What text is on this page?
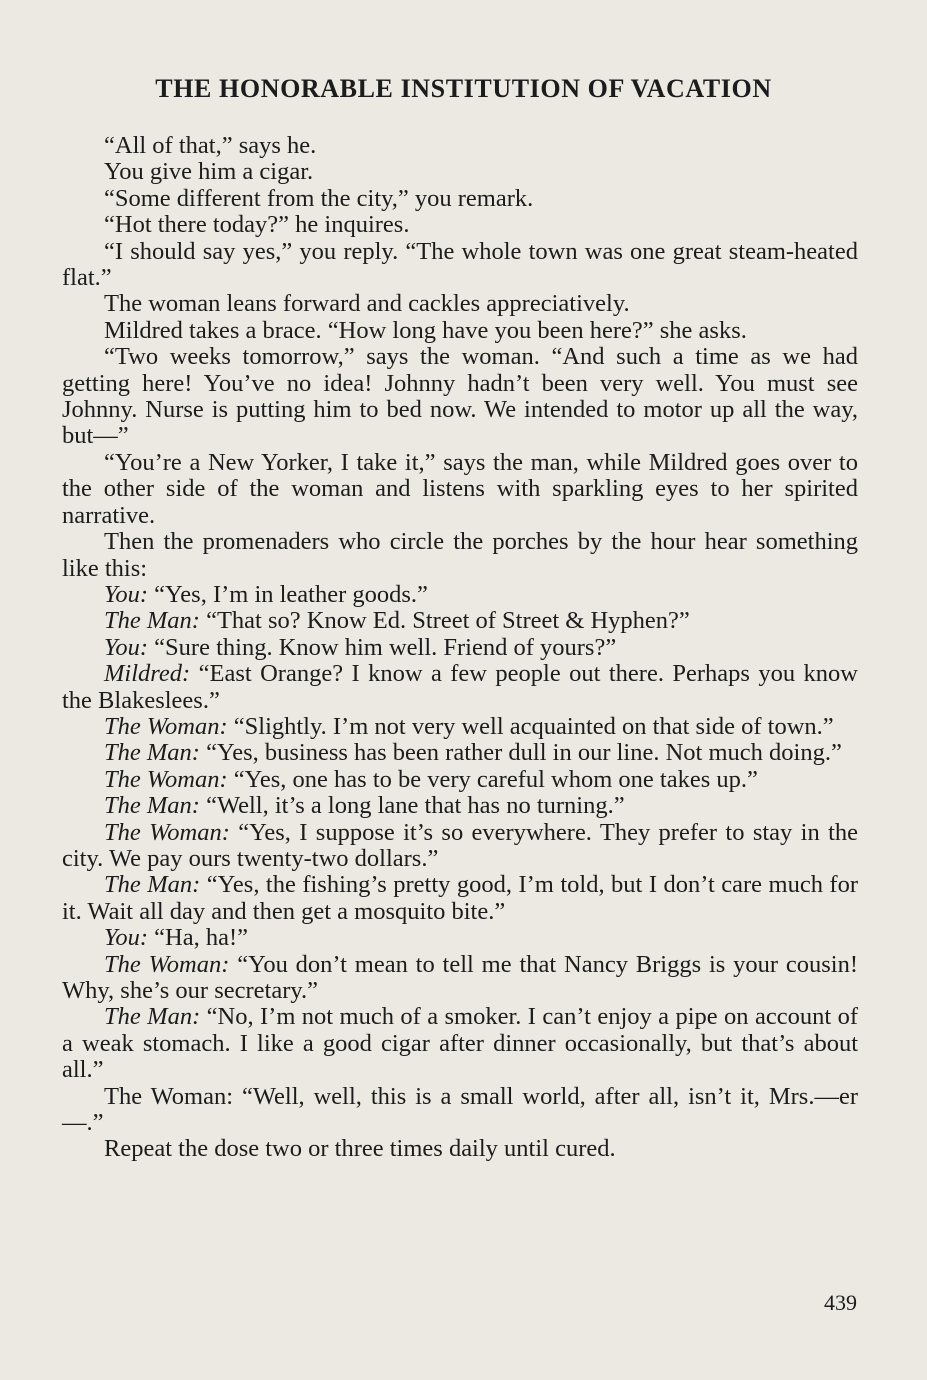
THE HONORABLE INSTITUTION OF VACATION

“All of that,” says he.

You give him a cigar.

“Some different from the city,” you remark.

“Hot there today?” he inquires.

“I should say yes,” you reply. “The whole town was one great steam-heated flat.”

The woman leans forward and cackles appreciatively.

Mildred takes a brace. “How long have you been here?” she asks.

“Two weeks tomorrow,” says the woman. “And such a time as we had getting here! You’ve no idea! Johnny hadn’t been very well. You must see Johnny. Nurse is putting him to bed now. We intended to motor up all the way, but—”

“You’re a New Yorker, I take it,” says the man, while Mildred goes over to the other side of the woman and listens with sparkling eyes to her spirited narrative.

Then the promenaders who circle the porches by the hour hear something like this:

You: “Yes, I’m in leather goods.”

The Man: “That so? Know Ed. Street of Street & Hyphen?”

You: “Sure thing. Know him well. Friend of yours?”

Mildred: “East Orange? I know a few people out there. Perhaps you know the Blakeslees.”

The Woman: “Slightly. I’m not very well acquainted on that side of town.”

The Man: “Yes, business has been rather dull in our line. Not much doing.”

The Woman: “Yes, one has to be very careful whom one takes up.”

The Man: “Well, it’s a long lane that has no turning.”

The Woman: “Yes, I suppose it’s so everywhere. They prefer to stay in the city. We pay ours twenty-two dollars.”

The Man: “Yes, the fishing’s pretty good, I’m told, but I don’t care much for it. Wait all day and then get a mosquito bite.”

You: “Ha, ha!”

The Woman: “You don’t mean to tell me that Nancy Briggs is your cousin! Why, she’s our secretary.”

The Man: “No, I’m not much of a smoker. I can’t enjoy a pipe on account of a weak stomach. I like a good cigar after dinner occasionally, but that’s about all.”

The Woman: “Well, well, this is a small world, after all, isn’t it, Mrs.—er—.”

Repeat the dose two or three times daily until cured.

439
